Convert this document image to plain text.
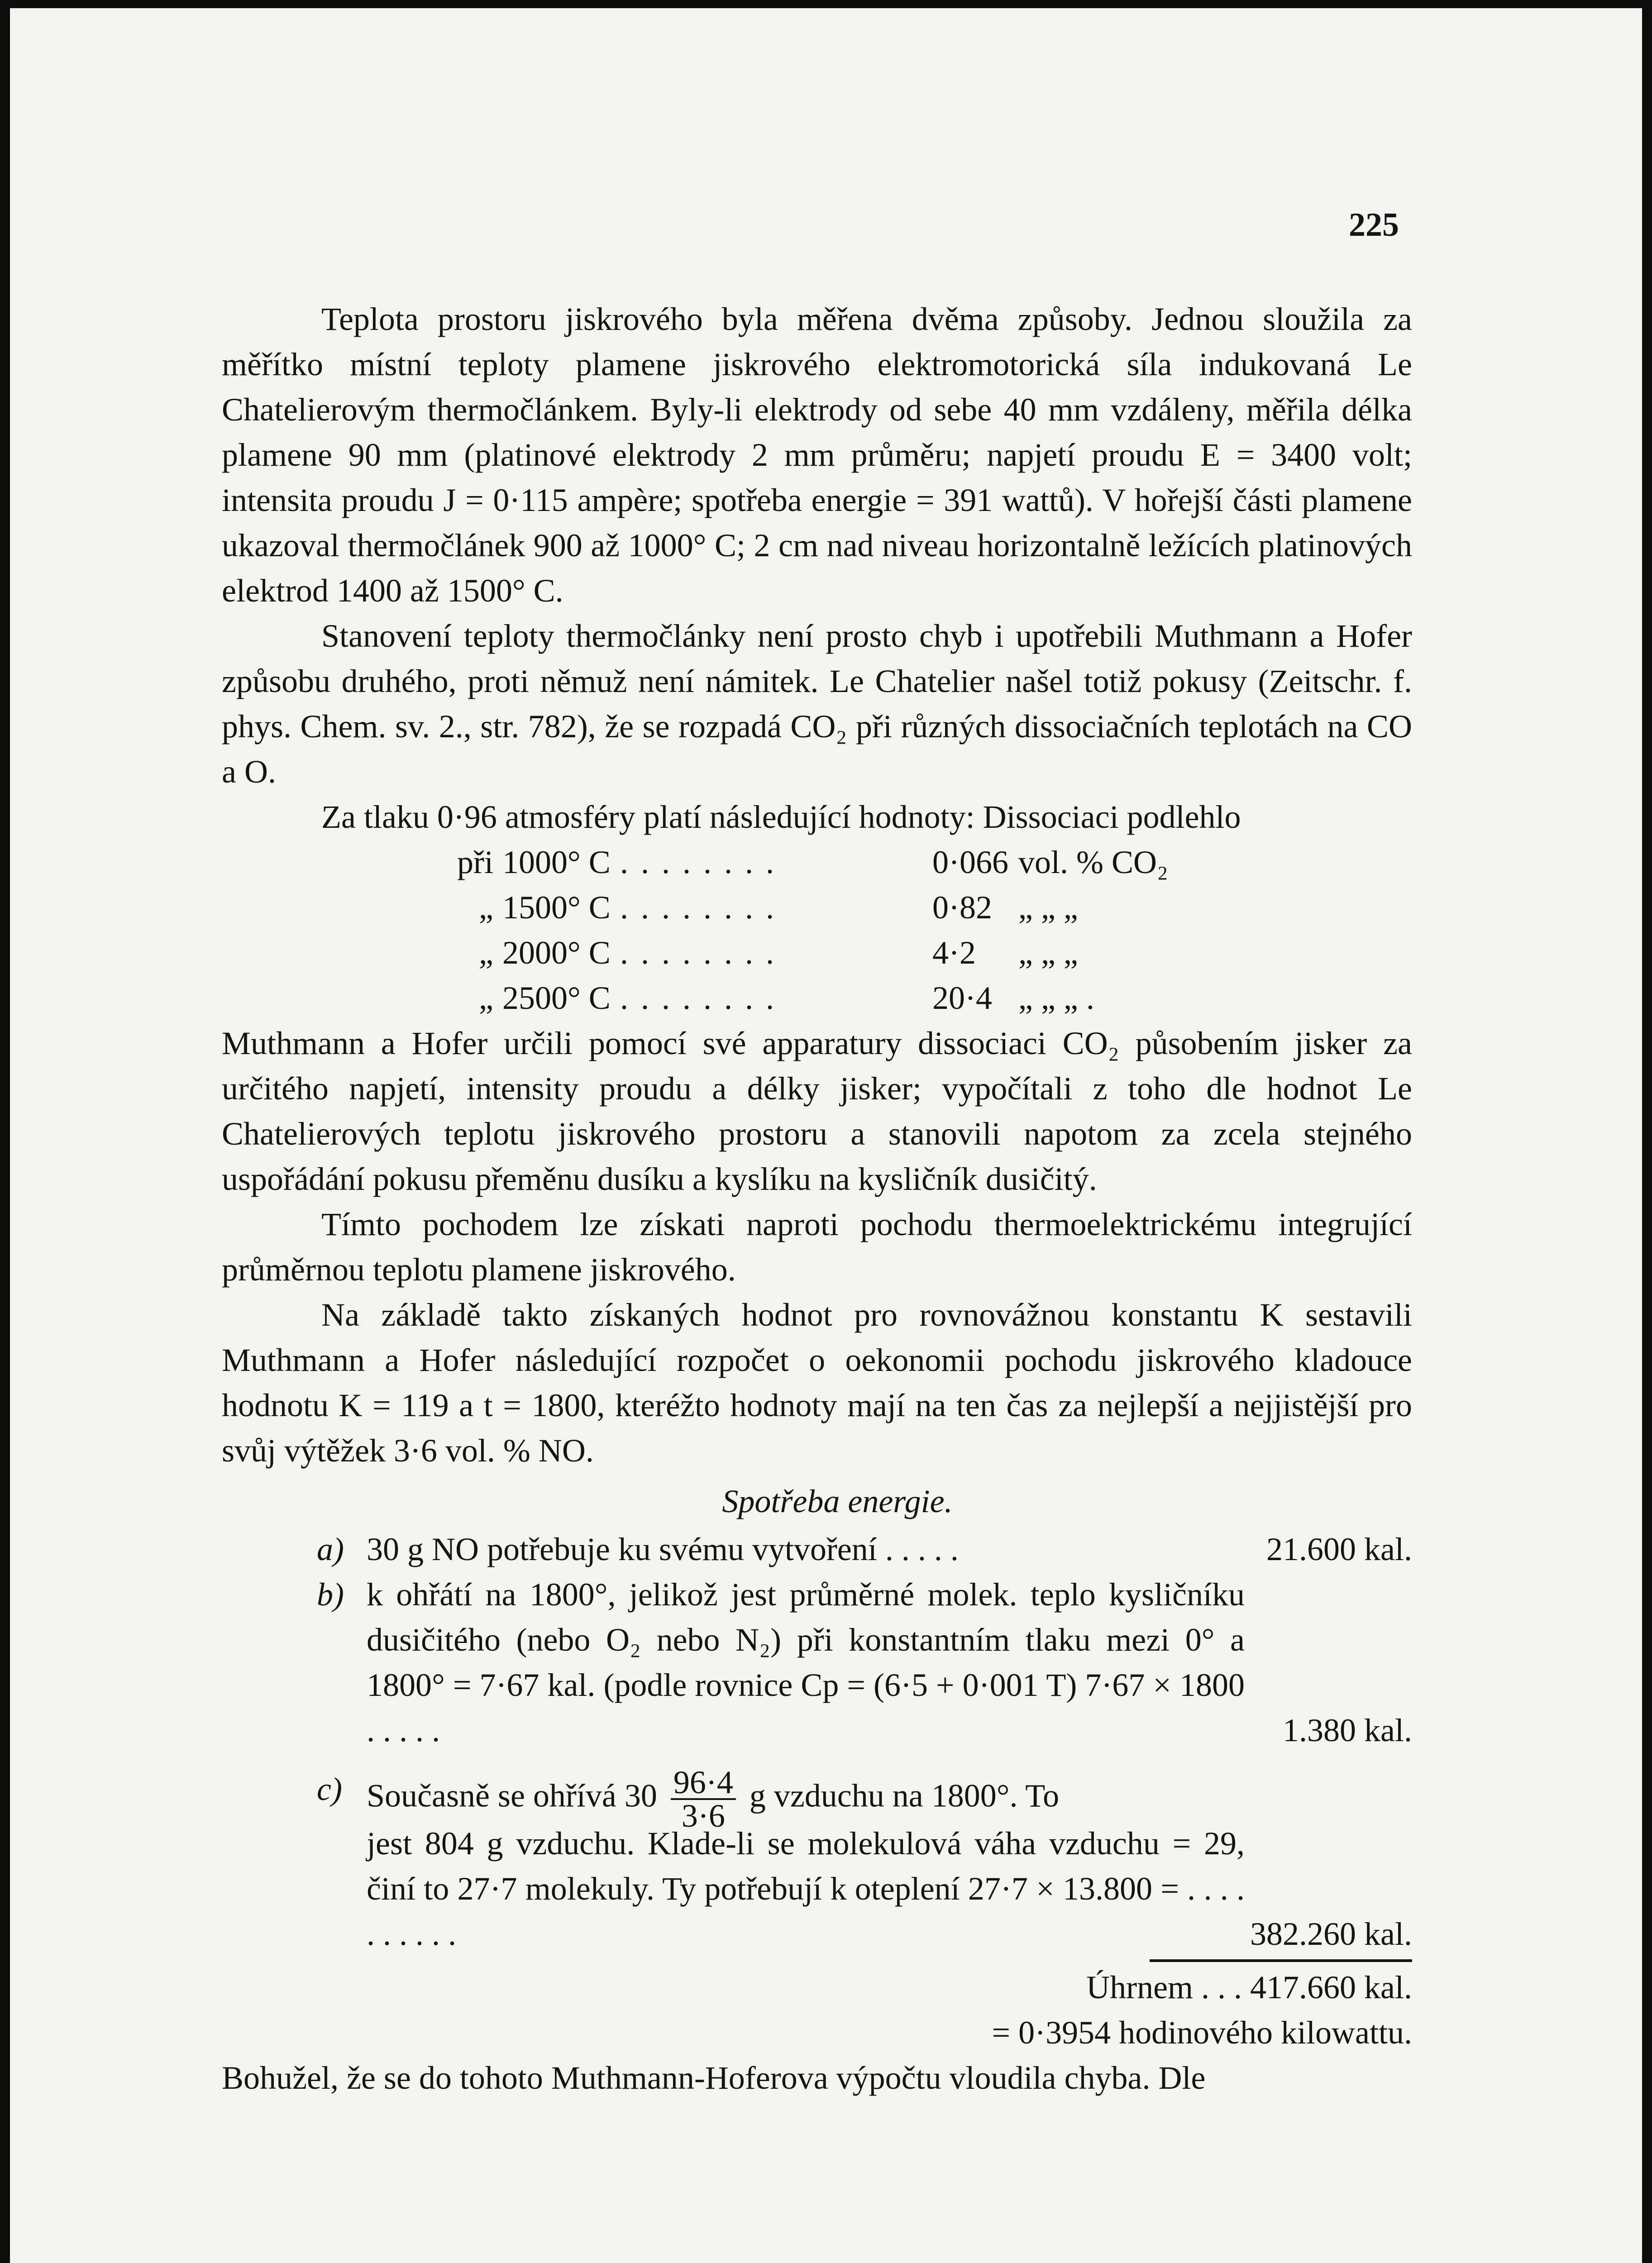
225

Teplota prostoru jiskrového byla měřena dvěma způsoby. Jednou sloužila za měřítko místní teploty plamene jiskrového elektromotorická síla indukovaná Le Chatelierovým thermočlánkem. Byly-li elektrody od sebe 40 mm vzdáleny, měřila délka plamene 90 mm (platinové elektrody 2 mm průměru; napjetí proudu E = 3400 volt; intensita proudu J = 0·115 ampère; spotřeba energie = 391 wattů). V hořejší části plamene ukazoval thermočlánek 900 až 1000° C; 2 cm nad niveau horizontalně ležících platinových elektrod 1400 až 1500° C.

Stanovení teploty thermočlánky není prosto chyb i upotřebili Muthmann a Hofer způsobu druhého, proti němuž není námitek. Le Chatelier našel totiž pokusy (Zeitschr. f. phys. Chem. sv. 2., str. 782), že se rozpadá CO₂ při různých dissociačních teplotách na CO a O.

Za tlaku 0·96 atmosféry platí následující hodnoty: Dissociaci podlehlo

při 1000° C ........	0·066 vol. % CO₂
„ 1500° C ........	0·82 „ „ „
„ 2000° C ........	4·2 „ „ „
„ 2500° C ........	20·4 „ „ „ .

Muthmann a Hofer určili pomocí své apparatury dissociaci CO₂ působením jisker za určitého napjetí, intensity proudu a délky jisker; vypočítali z toho dle hodnot Le Chatelierových teplotu jiskrového prostoru a stanovili napotom za zcela stejného uspořádání pokusu přeměnu dusíku a kyslíku na kysličník dusičitý.

Tímto pochodem lze získati naproti pochodu thermoelektrickému integrující průměrnou teplotu plamene jiskrového.

Na základě takto získaných hodnot pro rovnovážnou konstantu K sestavili Muthmann a Hofer následující rozpočet o oekonomii pochodu jiskrového kladouce hodnotu K = 119 a t = 1800, kteréžto hodnoty mají na ten čas za nejlepší a nejjistější pro svůj výtěžek 3·6 vol. % NO.

Spotřeba energie.
a) 30 g NO potřebuje ku svému vytvoření . . . . .	21.600 kal.
b) k ohřátí na 1800°, jelikož jest průměrné molek. teplo kysličníku dusičitého (nebo O₂ nebo N₂) při konstantním tlaku mezi 0° a 1800° = 7·67 kal. (podle rovnice Cp = (6·5 + 0·001 T) 7·67 × 1800 . . . . .	1.380 kal.
c) Současně se ohřívá $30 \frac{96\cdot 4}{3\cdot 6}$ g vzduchu na 1800°. To
jest 804 g vzduchu. Klade-li se molekulová váha vzduchu = 29, činí to 27·7 molekuly. Ty potřebují k oteplení 27·7 × 13.800 = . . . . . . . . . .	382.260 kal.
Úhrnem . . . 417.660 kal.
= 0·3954 hodinového kilowattu.

Bohužel, že se do tohoto Muthmann-Hoferova výpočtu vloudila chyba. Dle
